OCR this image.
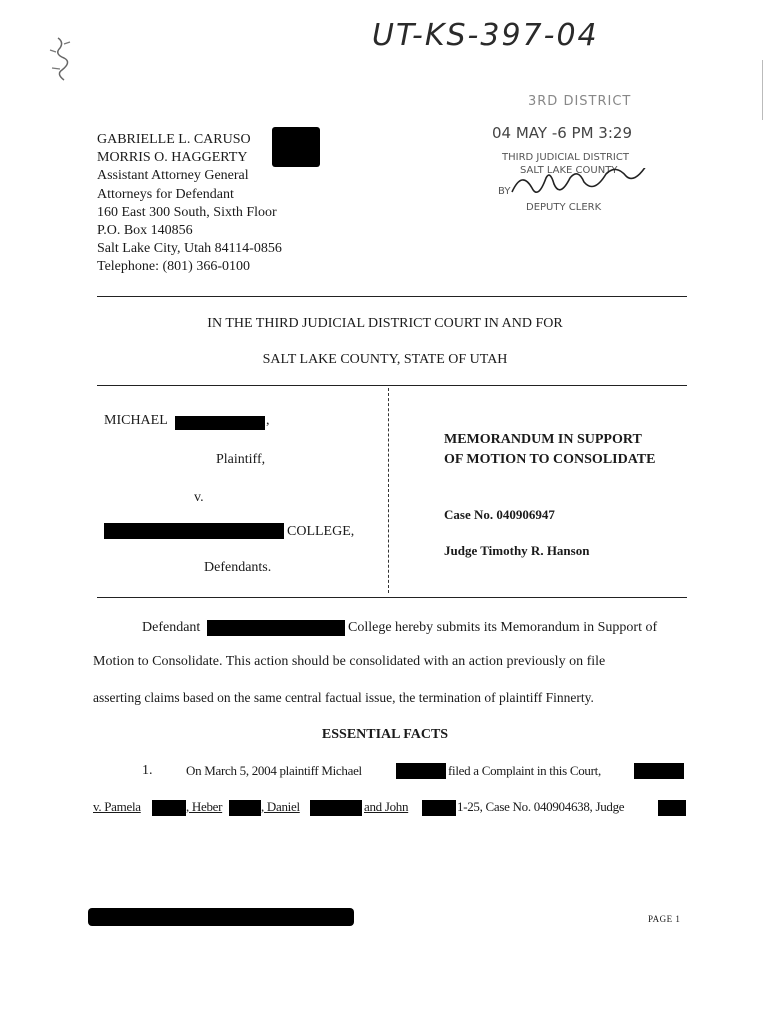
UT-KS-397-04
3RD DISTRICT
04 MAY -6 PM 3:29
THIRD JUDICIAL DISTRICT
SALT LAKE COUNTY
BY
DEPUTY CLERK
GABRIELLE L. CARUSO
MORRIS O. HAGGERTY
Assistant Attorney General
Attorneys for Defendant
160 East 300 South, Sixth Floor
P.O. Box 140856
Salt Lake City, Utah 84114-0856
Telephone: (801) 366-0100
IN THE THIRD JUDICIAL DISTRICT COURT IN AND FOR
SALT LAKE COUNTY, STATE OF UTAH
MICHAEL	,
Plaintiff,
v.
COLLEGE,
Defendants.
MEMORANDUM IN SUPPORT
OF MOTION TO CONSOLIDATE
Case No. 040906947
Judge Timothy R. Hanson
Defendant	College hereby submits its Memorandum in Support of
Motion to Consolidate. This action should be consolidated with an action previously on file
asserting claims based on the same central factual issue, the termination of plaintiff Finnerty.
ESSENTIAL FACTS
1.	On March 5, 2004 plaintiff Michael	filed a Complaint in this Court,
v. Pamela	, Heber	, Daniel	and John	1-25, Case No. 040904638, Judge
PAGE 1
